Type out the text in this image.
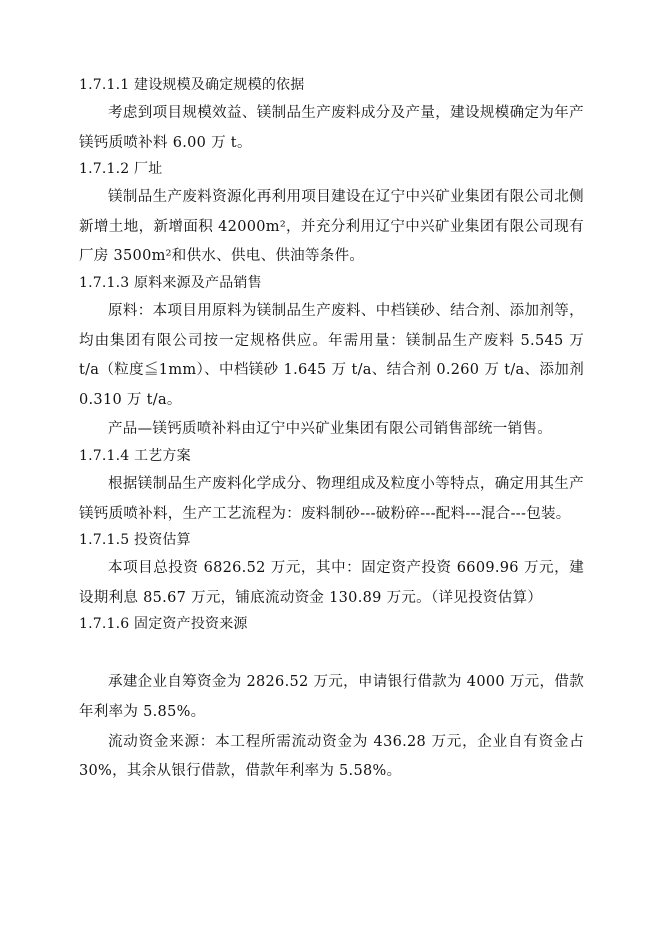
1.7.1.1 建设规模及确定规模的依据

考虑到项目规模效益、镁制品生产废料成分及产量，建设规模确定为年产镁钙质喷补料 6.00 万 t。

1.7.1.2 厂址

镁制品生产废料资源化再利用项目建设在辽宁中兴矿业集团有限公司北侧新增土地，新增面积 42000m²，并充分利用辽宁中兴矿业集团有限公司现有厂房 3500m²和供水、供电、供油等条件。

1.7.1.3 原料来源及产品销售

原料：本项目用原料为镁制品生产废料、中档镁砂、结合剂、添加剂等，均由集团有限公司按一定规格供应。年需用量：镁制品生产废料 5.545 万 t/a（粒度≦1mm）、中档镁砂 1.645 万 t/a、结合剂 0.260 万 t/a、添加剂 0.310 万 t/a。

产品—镁钙质喷补料由辽宁中兴矿业集团有限公司销售部统一销售。

1.7.1.4 工艺方案

根据镁制品生产废料化学成分、物理组成及粒度小等特点，确定用其生产镁钙质喷补料，生产工艺流程为：废料制砂---破粉碎---配料---混合---包装。

1.7.1.5 投资估算

本项目总投资 6826.52 万元，其中：固定资产投资 6609.96 万元，建设期利息 85.67 万元，铺底流动资金 130.89 万元。（详见投资估算）

1.7.1.6 固定资产投资来源

承建企业自筹资金为 2826.52 万元，申请银行借款为 4000 万元，借款年利率为 5.85%。

流动资金来源：本工程所需流动资金为 436.28 万元，企业自有资金占 30%，其余从银行借款，借款年利率为 5.58%。
